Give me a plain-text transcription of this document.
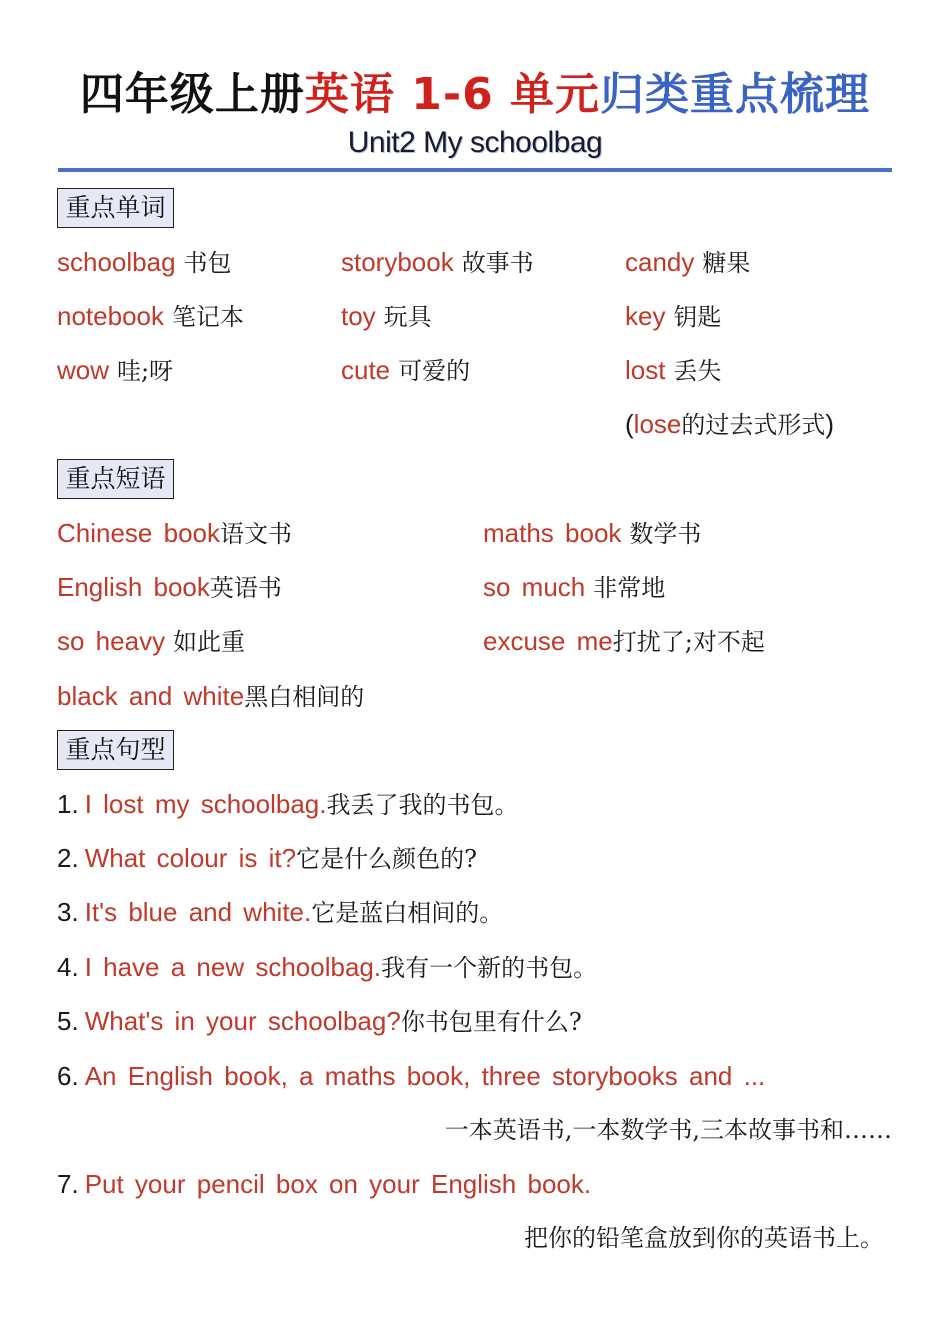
四年级上册英语 1-6 单元归类重点梳理
Unit2 My schoolbag
重点单词
schoolbag 书包	storybook 故事书	candy 糖果
notebook 笔记本	toy 玩具	key 钥匙
wow 哇;呀	cute 可爱的	lost 丢失
(lose的过去式形式)
重点短语
Chinese book语文书	maths book 数学书
English book英语书	so much 非常地
so heavy 如此重	excuse me打扰了;对不起
black and white黑白相间的
重点句型
1. I lost my schoolbag.我丢了我的书包。
2. What colour is it?它是什么颜色的?
3. It's blue and white.它是蓝白相间的。
4. I have a new schoolbag.我有一个新的书包。
5. What's in your schoolbag?你书包里有什么?
6. An English book, a maths book, three storybooks and ...
一本英语书,一本数学书,三本故事书和……
7. Put your pencil box on your English book.
把你的铅笔盒放到你的英语书上。
